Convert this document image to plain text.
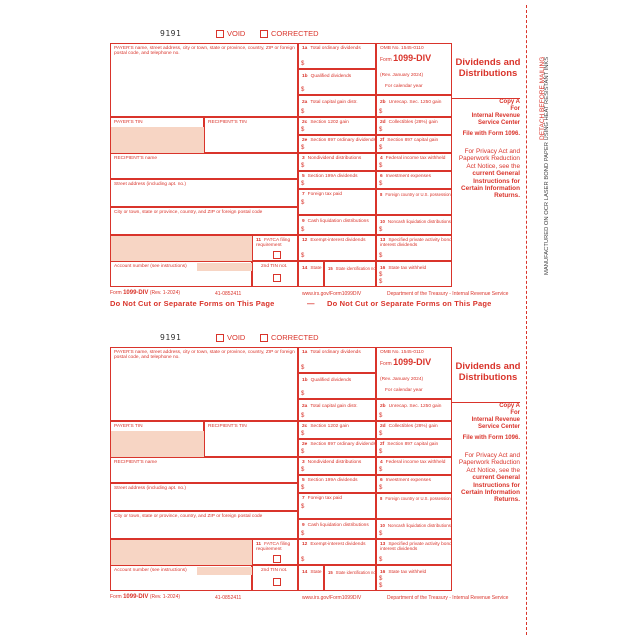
9191	VOID	CORRECTED
PAYER'S name, street address, city or town, state or province, country, ZIP or foreign postal code, and telephone no.
PAYER'S TIN	RECIPIENT'S TIN
RECIPIENT'S name
Street address (including apt. no.)
City or town, state or province, country, and ZIP or foreign postal code
11 FATCA filing requirement
Account number (see instructions)	2nd TIN not.
1a Total ordinary dividends
$
OMB No. 1545-0110
Form 1099-DIV
(Rev. January 2024)
For calendar year
1b Qualified dividends
$
2a Total capital gain distr.
$
2b Unrecap. Sec. 1250 gain
$
2c Section 1202 gain
$
2d Collectibles (28%) gain
$
2e Section 897 ordinary dividends
$
2f Section 897 capital gain
$
3 Nondividend distributions
$
4 Federal income tax withheld
$
5 Section 199A dividends
$
6 Investment expenses
$
7 Foreign tax paid
$
8 Foreign country or U.S. possession
9 Cash liquidation distributions
$
10 Noncash liquidation distributions
$
12 Exempt-interest dividends
$
13 Specified private activity bond interest dividends
$
14 State 15 State identification no. 16 State tax withheld
$
$
Dividends and Distributions
Copy A
For
Internal Revenue
Service Center
File with Form 1096.
For Privacy Act and Paperwork Reduction Act Notice, see the current General Instructions for Certain Information Returns.
Form 1099-DIV (Rev. 1-2024)	41-0852411	www.irs.gov/Form1099DIV	Department of the Treasury - Internal Revenue Service
Do Not Cut or Separate Forms on This Page	— Do Not Cut or Separate Forms on This Page
9191	VOID	CORRECTED
PAYER'S name, street address, city or town, state or province, country, ZIP or foreign postal code, and telephone no.
PAYER'S TIN	RECIPIENT'S TIN
RECIPIENT'S name
Street address (including apt. no.)
City or town, state or province, country, and ZIP or foreign postal code
11 FATCA filing requirement
Account number (see instructions)	2nd TIN not.
1a Total ordinary dividends
$
OMB No. 1545-0110
Form 1099-DIV
(Rev. January 2024)
For calendar year
1b Qualified dividends
$
2a Total capital gain distr.
$
2b Unrecap. Sec. 1250 gain
$
2c Section 1202 gain
$
2d Collectibles (28%) gain
$
2e Section 897 ordinary dividends
$
2f Section 897 capital gain
$
3 Nondividend distributions
$
4 Federal income tax withheld
$
5 Section 199A dividends
$
6 Investment expenses
$
7 Foreign tax paid
$
8 Foreign country or U.S. possession
9 Cash liquidation distributions
$
10 Noncash liquidation distributions
$
12 Exempt-interest dividends
$
13 Specified private activity bond interest dividends
$
14 State 15 State identification no. 16 State tax withheld
$
$
Dividends and Distributions
Copy A
For
Internal Revenue
Service Center
File with Form 1096.
For Privacy Act and Paperwork Reduction Act Notice, see the current General Instructions for Certain Information Returns.
Form 1099-DIV (Rev. 1-2024)	41-0852411	www.irs.gov/Form1099DIV	Department of the Treasury - Internal Revenue Service
DETACH BEFORE MAILING
MANUFACTURED ON OCR LASER BOND PAPER USING HEAT RESISTANT INKS
